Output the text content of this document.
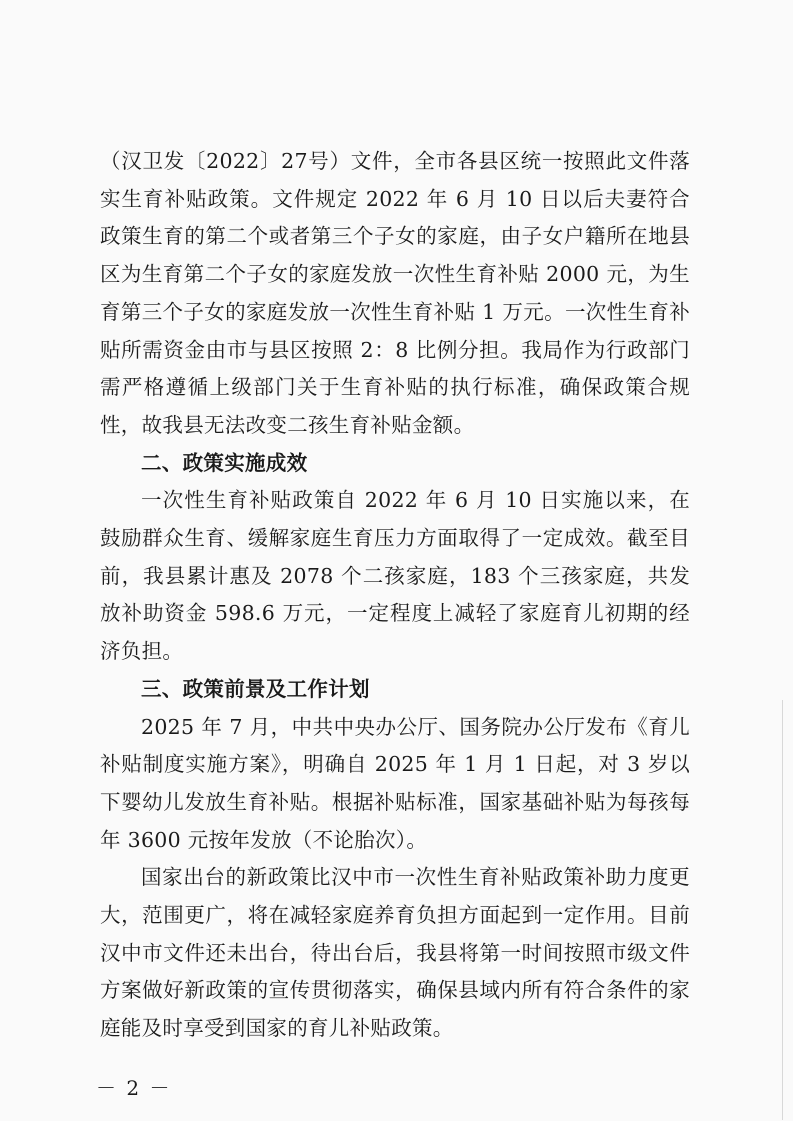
（汉卫发〔2022〕27号）文件，全市各县区统一按照此文件落实生育补贴政策。文件规定 2022 年 6 月 10 日以后夫妻符合政策生育的第二个或者第三个子女的家庭，由子女户籍所在地县区为生育第二个子女的家庭发放一次性生育补贴 2000 元，为生育第三个子女的家庭发放一次性生育补贴 1 万元。一次性生育补贴所需资金由市与县区按照 2：8 比例分担。我局作为行政部门需严格遵循上级部门关于生育补贴的执行标准，确保政策合规性，故我县无法改变二孩生育补贴金额。

二、政策实施成效

一次性生育补贴政策自 2022 年 6 月 10 日实施以来，在鼓励群众生育、缓解家庭生育压力方面取得了一定成效。截至目前，我县累计惠及 2078 个二孩家庭，183 个三孩家庭，共发放补助资金 598.6 万元，一定程度上减轻了家庭育儿初期的经济负担。

三、政策前景及工作计划

2025 年 7 月，中共中央办公厅、国务院办公厅发布《育儿补贴制度实施方案》，明确自 2025 年 1 月 1 日起，对 3 岁以下婴幼儿发放生育补贴。根据补贴标准，国家基础补贴为每孩每年 3600 元按年发放（不论胎次）。

国家出台的新政策比汉中市一次性生育补贴政策补助力度更大，范围更广，将在减轻家庭养育负担方面起到一定作用。目前汉中市文件还未出台，待出台后，我县将第一时间按照市级文件方案做好新政策的宣传贯彻落实，确保县域内所有符合条件的家庭能及时享受到国家的育儿补贴政策。

－ 2 －
